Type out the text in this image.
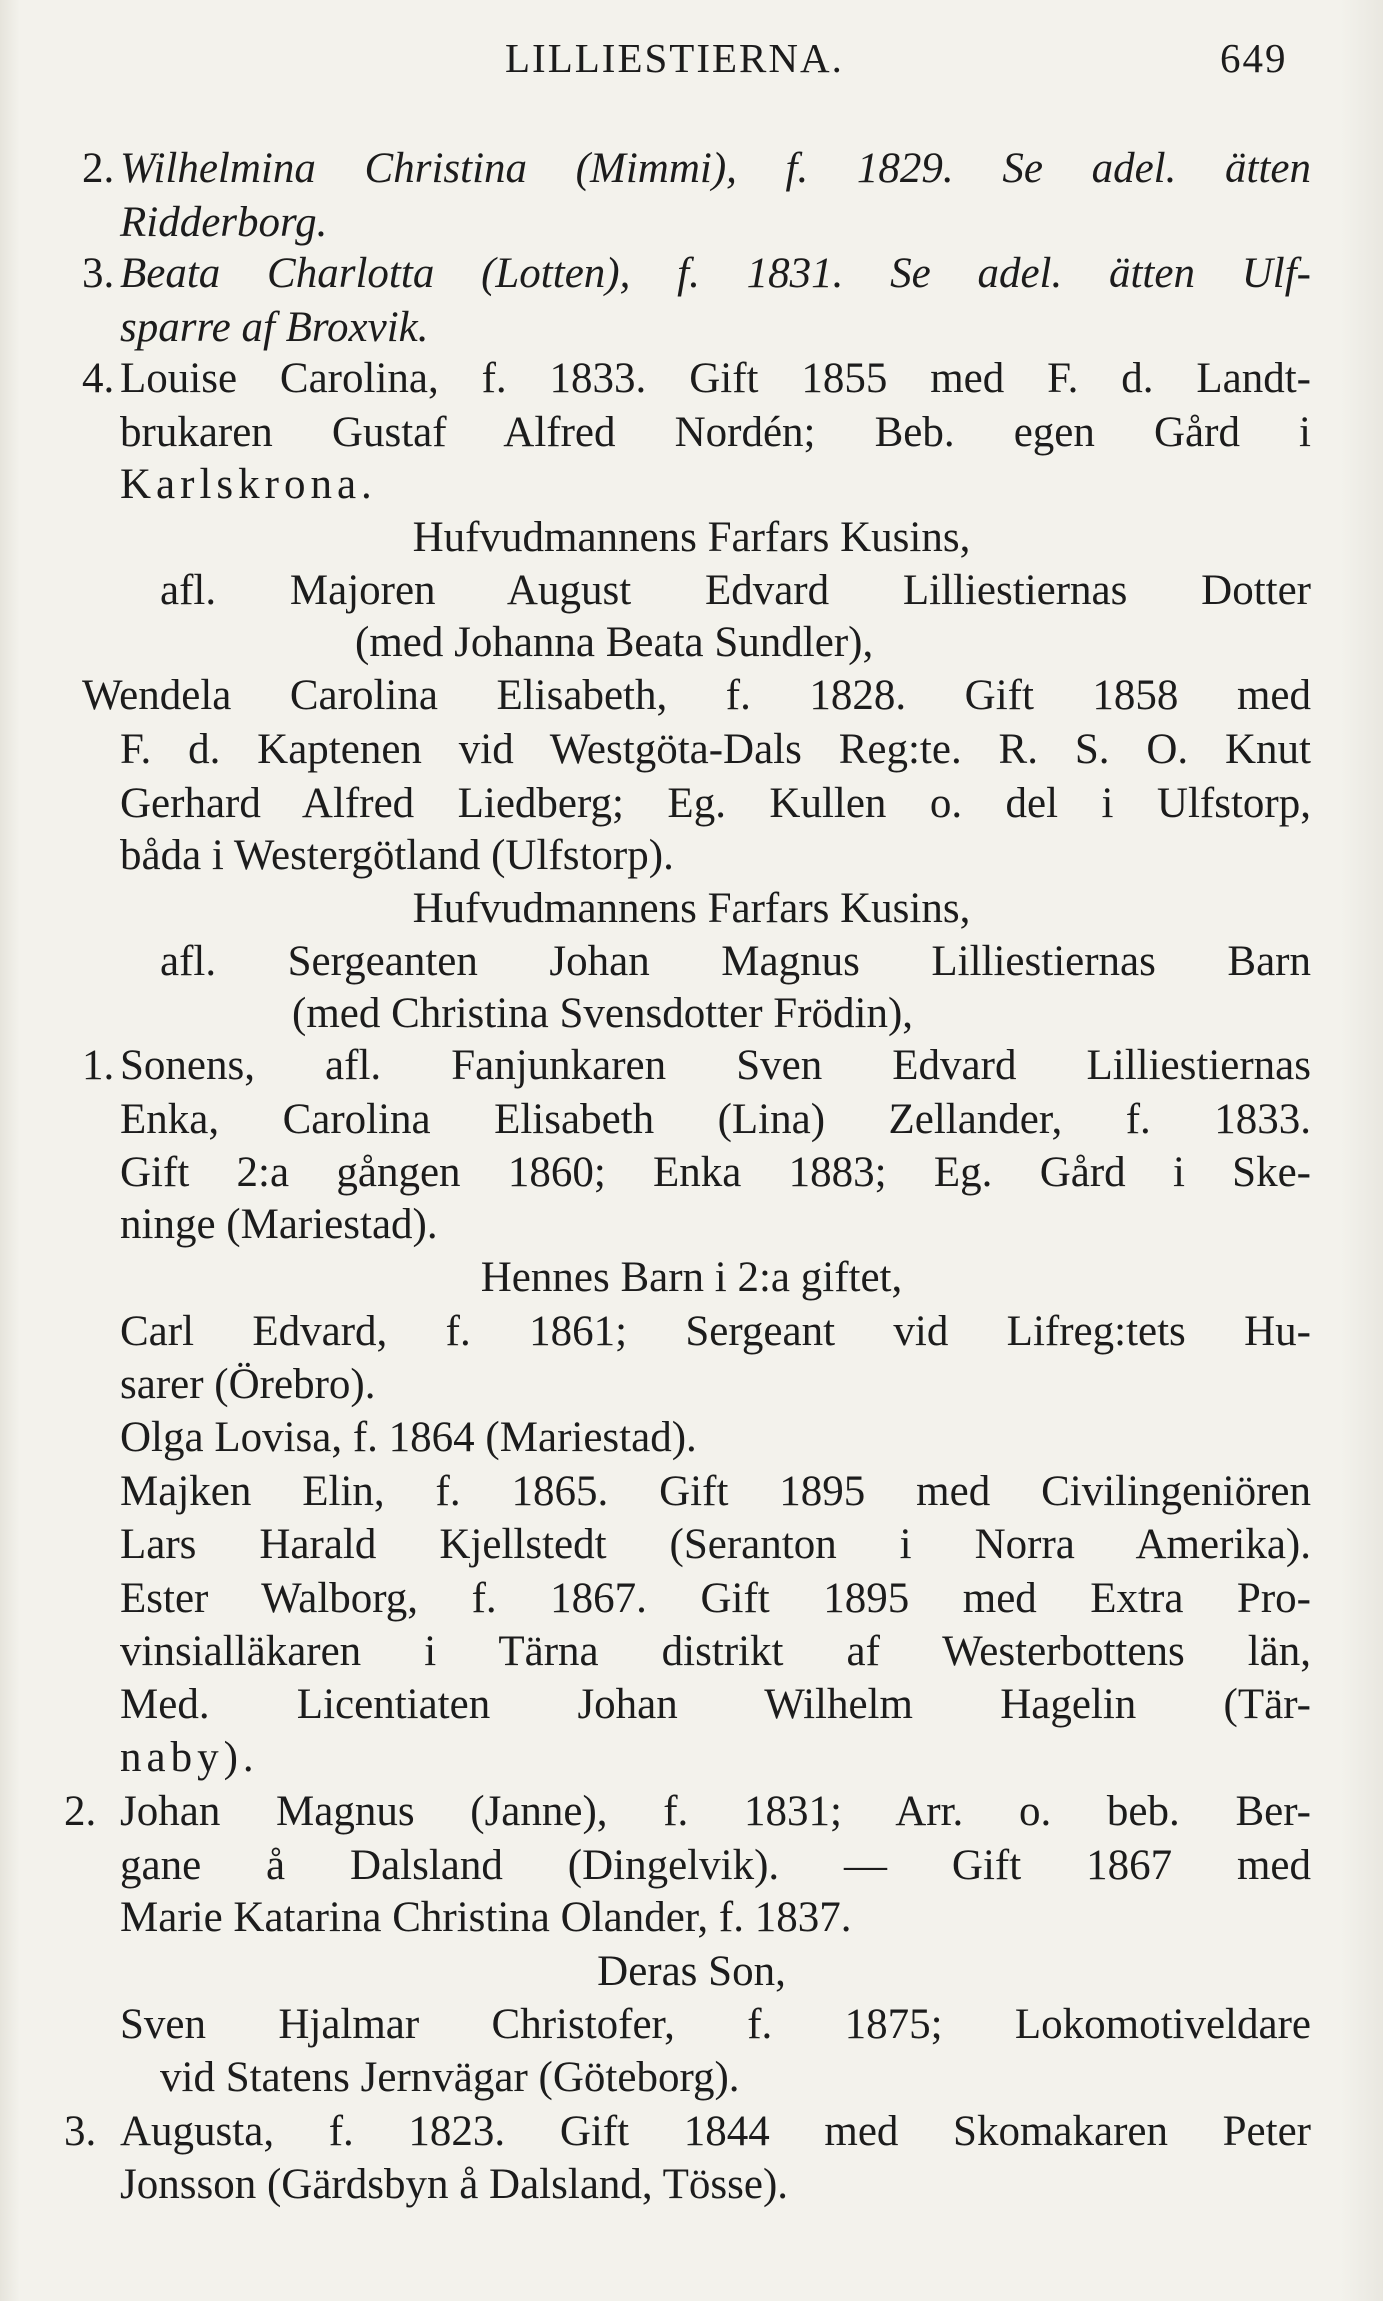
LILLIESTIERNA.	649
2. Wilhelmina Christina (Mimmi), f. 1829. Se adel. ätten
Ridderborg.
3. Beata Charlotta (Lotten), f. 1831. Se adel. ätten Ulf-
sparre af Broxvik.
4. Louise Carolina, f. 1833. Gift 1855 med F. d. Landt-
brukaren Gustaf Alfred Nordén; Beb. egen Gård i
Karlskrona.
Hufvudmannens Farfars Kusins,
afl. Majoren August Edvard Lilliestiernas Dotter
(med Johanna Beata Sundler),
Wendela Carolina Elisabeth, f. 1828. Gift 1858 med
F. d. Kaptenen vid Westgöta-Dals Reg:te. R. S. O. Knut
Gerhard Alfred Liedberg; Eg. Kullen o. del i Ulfstorp,
båda i Westergötland (Ulfstorp).
Hufvudmannens Farfars Kusins,
afl. Sergeanten Johan Magnus Lilliestiernas Barn
(med Christina Svensdotter Frödin),
1. Sonens, afl. Fanjunkaren Sven Edvard Lilliestiernas
Enka, Carolina Elisabeth (Lina) Zellander, f. 1833.
Gift 2:a gången 1860; Enka 1883; Eg. Gård i Ske-
ninge (Mariestad).
Hennes Barn i 2:a giftet,
Carl Edvard, f. 1861; Sergeant vid Lifreg:tets Hu-
sarer (Örebro).
Olga Lovisa, f. 1864 (Mariestad).
Majken Elin, f. 1865. Gift 1895 med Civilingeniören
Lars Harald Kjellstedt (Seranton i Norra Amerika).
Ester Walborg, f. 1867. Gift 1895 med Extra Pro-
vinsialläkaren i Tärna distrikt af Westerbottens län,
Med. Licentiaten Johan Wilhelm Hagelin (Tär-
naby).
2. Johan Magnus (Janne), f. 1831; Arr. o. beb. Ber-
gane å Dalsland (Dingelvik). — Gift 1867 med
Marie Katarina Christina Olander, f. 1837.
Deras Son,
Sven Hjalmar Christofer, f. 1875; Lokomotiveldare
vid Statens Jernvägar (Göteborg).
3. Augusta, f. 1823. Gift 1844 med Skomakaren Peter
Jonsson (Gärdsbyn å Dalsland, Tösse).
